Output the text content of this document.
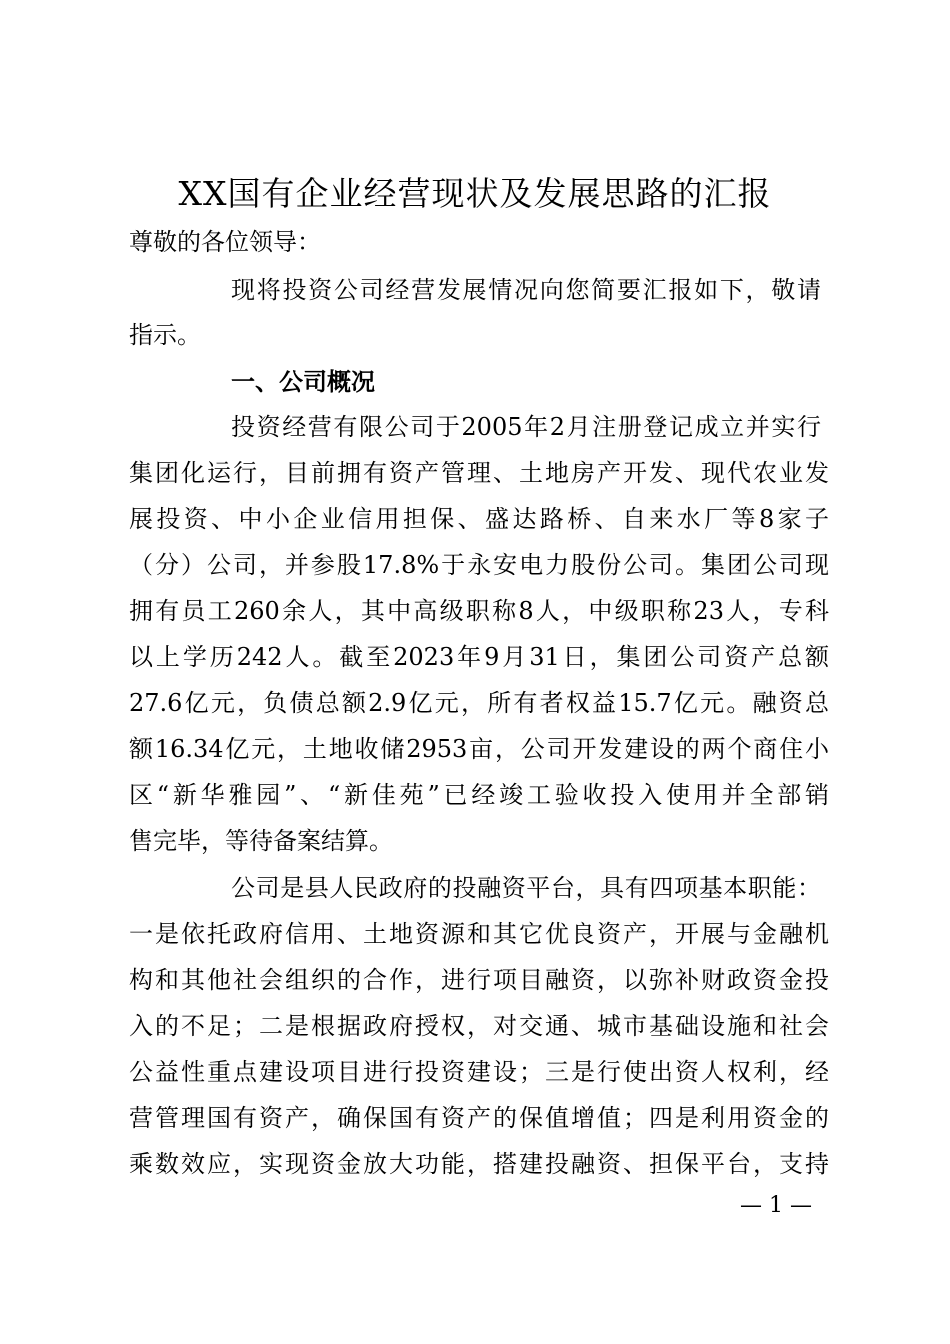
XX国有企业经营现状及发展思路的汇报
尊敬的各位领导：
现将投资公司经营发展情况向您简要汇报如下，敬请
指示。
一、公司概况
投资经营有限公司于2005年2月注册登记成立并实行
集团化运行，目前拥有资产管理、土地房产开发、现代农业发
展投资、中小企业信用担保、盛达路桥、自来水厂等8家子
（分）公司，并参股17.8%于永安电力股份公司。集团公司现
拥有员工260余人，其中高级职称8人，中级职称23人，专科
以上学历242人。截至2023年9月31日，集团公司资产总额
27.6亿元，负债总额2.9亿元，所有者权益15.7亿元。融资总
额16.34亿元，土地收储2953亩，公司开发建设的两个商住小
区“新华雅园”、“新佳苑”已经竣工验收投入使用并全部销
售完毕，等待备案结算。
公司是县人民政府的投融资平台，具有四项基本职能：
一是依托政府信用、土地资源和其它优良资产，开展与金融机
构和其他社会组织的合作，进行项目融资，以弥补财政资金投
入的不足；二是根据政府授权，对交通、城市基础设施和社会
公益性重点建设项目进行投资建设；三是行使出资人权利，经
营管理国有资产，确保国有资产的保值增值；四是利用资金的
乘数效应，实现资金放大功能，搭建投融资、担保平台，支持
— 1 —
